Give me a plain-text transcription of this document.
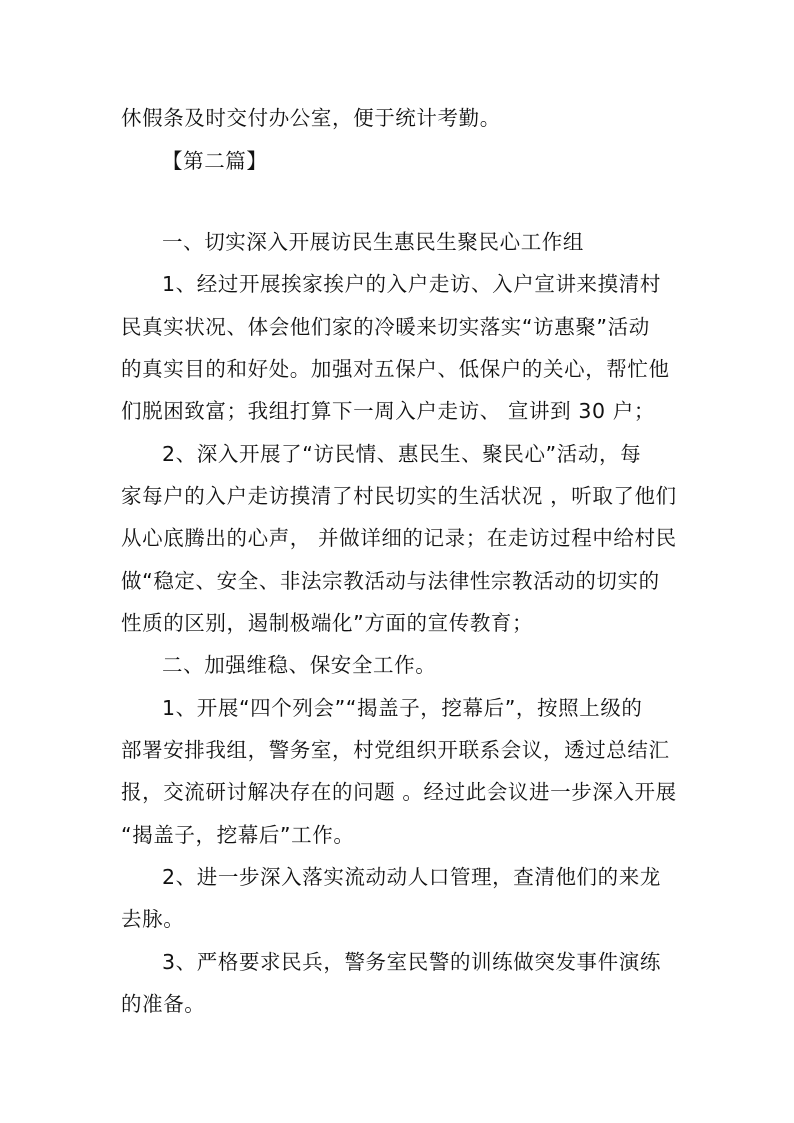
休假条及时交付办公室，便于统计考勤。
【第二篇】
一、切实深入开展访民生惠民生聚民心工作组
1、经过开展挨家挨户的入户走访、入户宣讲来摸清村
民真实状况、体会他们家的冷暖来切实落实“访惠聚”活动
的真实目的和好处。加强对五保户、低保户的关心，帮忙他
们脱困致富；我组打算下一周入户走访、 宣讲到 30 户；
2、深入开展了“访民情、惠民生、聚民心”活动，每
家每户的入户走访摸清了村民切实的生活状况 ，听取了他们
从心底腾出的心声， 并做详细的记录；在走访过程中给村民
做“稳定、安全、非法宗教活动与法律性宗教活动的切实的
性质的区别，遏制极端化”方面的宣传教育；
二、加强维稳、保安全工作。
1、开展“四个列会”“揭盖子，挖幕后”，按照上级的
部署安排我组，警务室，村党组织开联系会议，透过总结汇
报，交流研讨解决存在的问题 。经过此会议进一步深入开展
“揭盖子，挖幕后”工作。
2、进一步深入落实流动动人口管理，查清他们的来龙
去脉。
3、严格要求民兵，警务室民警的训练做突发事件演练
的准备。
